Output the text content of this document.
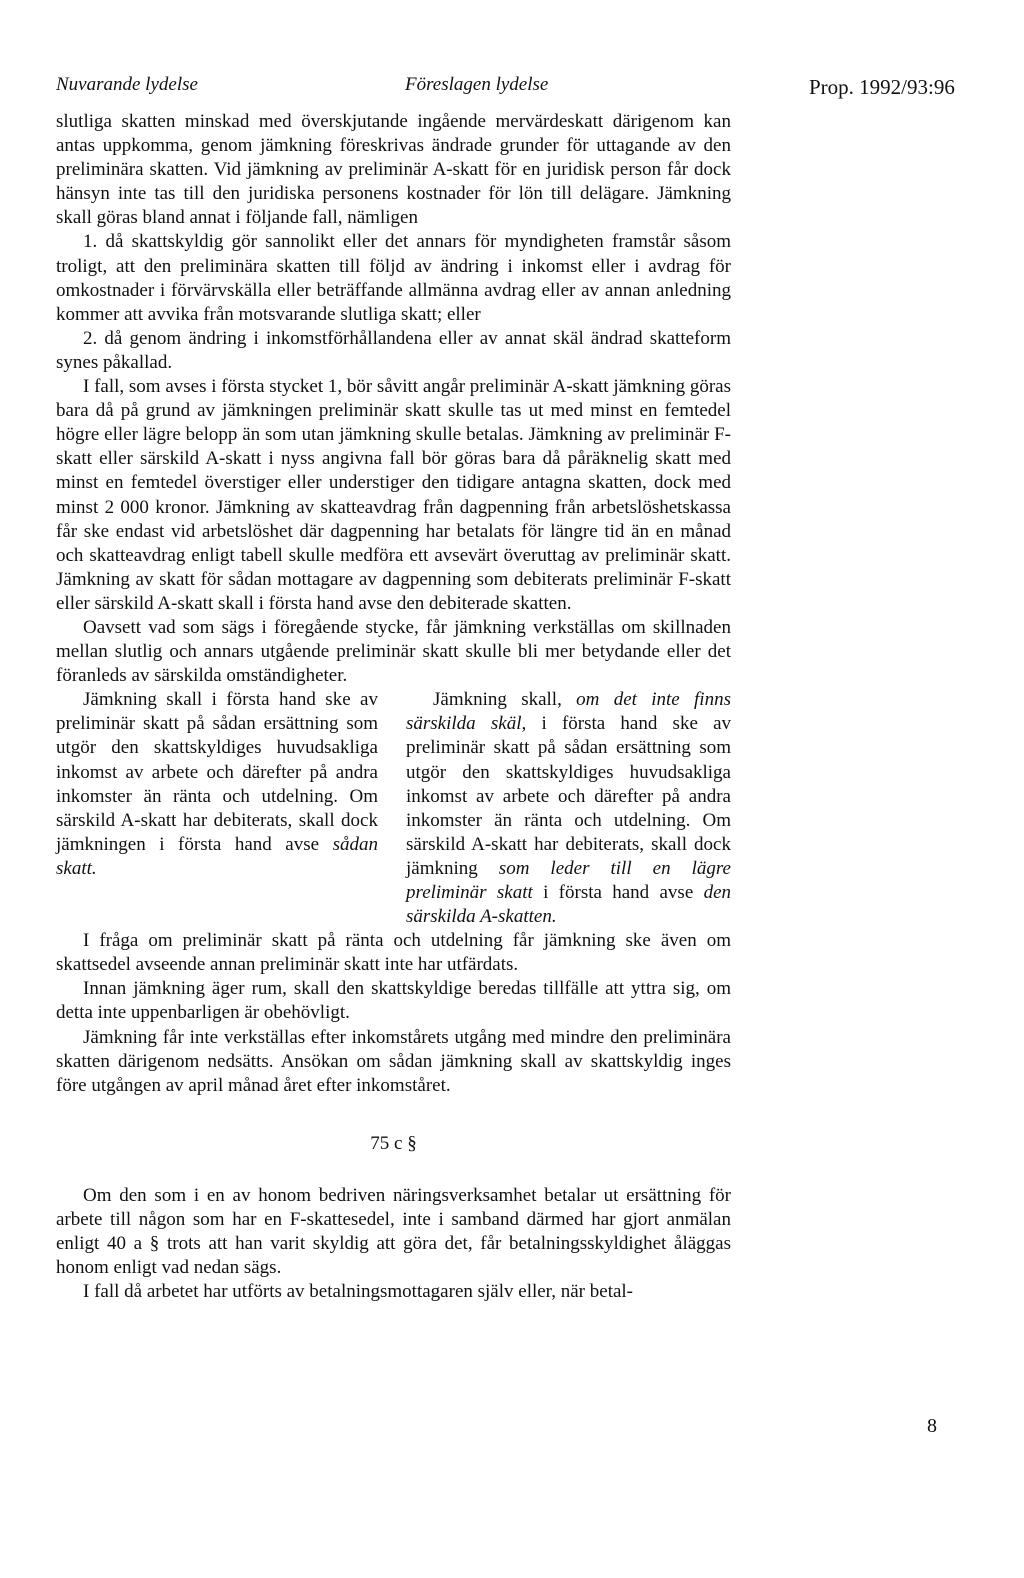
Nuvarande lydelse	Föreslagen lydelse	Prop. 1992/93:96

slutliga skatten minskad med överskjutande ingående mervärdeskatt därigenom kan antas uppkomma, genom jämkning föreskrivas ändrade grunder för uttagande av den preliminära skatten. Vid jämkning av preliminär A-skatt för en juridisk person får dock hänsyn inte tas till den juridiska personens kostnader för lön till delägare. Jämkning skall göras bland annat i följande fall, nämligen

1. då skattskyldig gör sannolikt eller det annars för myndigheten framstår såsom troligt, att den preliminära skatten till följd av ändring i inkomst eller i avdrag för omkostnader i förvärvskälla eller beträffande allmänna avdrag eller av annan anledning kommer att avvika från motsvarande slutliga skatt; eller

2. då genom ändring i inkomstförhållandena eller av annat skäl ändrad skatteform synes påkallad.

I fall, som avses i första stycket 1, bör såvitt angår preliminär A-skatt jämkning göras bara då på grund av jämkningen preliminär skatt skulle tas ut med minst en femtedel högre eller lägre belopp än som utan jämkning skulle betalas. Jämkning av preliminär F-skatt eller särskild A-skatt i nyss angivna fall bör göras bara då påräknelig skatt med minst en femtedel överstiger eller understiger den tidigare antagna skatten, dock med minst 2 000 kronor. Jämkning av skatteavdrag från dagpenning från arbetslöshetskassa får ske endast vid arbetslöshet där dagpenning har betalats för längre tid än en månad och skatteavdrag enligt tabell skulle medföra ett avsevärt överuttag av preliminär skatt. Jämkning av skatt för sådan mottagare av dagpenning som debiterats preliminär F-skatt eller särskild A-skatt skall i första hand avse den debiterade skatten.

Oavsett vad som sägs i föregående stycke, får jämkning verkställas om skillnaden mellan slutlig och annars utgående preliminär skatt skulle bli mer betydande eller det föranleds av särskilda omständigheter.

Jämkning skall i första hand ske av preliminär skatt på sådan ersättning som utgör den skattskyldiges huvudsakliga inkomst av arbete och därefter på andra inkomster än ränta och utdelning. Om särskild A-skatt har debiterats, skall dock jämkningen i första hand avse sådan skatt.

Jämkning skall, om det inte finns särskilda skäl, i första hand ske av preliminär skatt på sådan ersättning som utgör den skattskyldiges huvudsakliga inkomst av arbete och därefter på andra inkomster än ränta och utdelning. Om särskild A-skatt har debiterats, skall dock jämkning som leder till en lägre preliminär skatt i första hand avse den särskilda A-skatten.

I fråga om preliminär skatt på ränta och utdelning får jämkning ske även om skattsedel avseende annan preliminär skatt inte har utfärdats.

Innan jämkning äger rum, skall den skattskyldige beredas tillfälle att yttra sig, om detta inte uppenbarligen är obehövligt.

Jämkning får inte verkställas efter inkomstårets utgång med mindre den preliminära skatten därigenom nedsätts. Ansökan om sådan jämkning skall av skattskyldig inges före utgången av april månad året efter inkomståret.

75 c §

Om den som i en av honom bedriven näringsverksamhet betalar ut ersättning för arbete till någon som har en F-skattesedel, inte i samband därmed har gjort anmälan enligt 40 a § trots att han varit skyldig att göra det, får betalningsskyldighet åläggas honom enligt vad nedan sägs.

I fall då arbetet har utförts av betalningsmottagaren själv eller, när betal-

8
